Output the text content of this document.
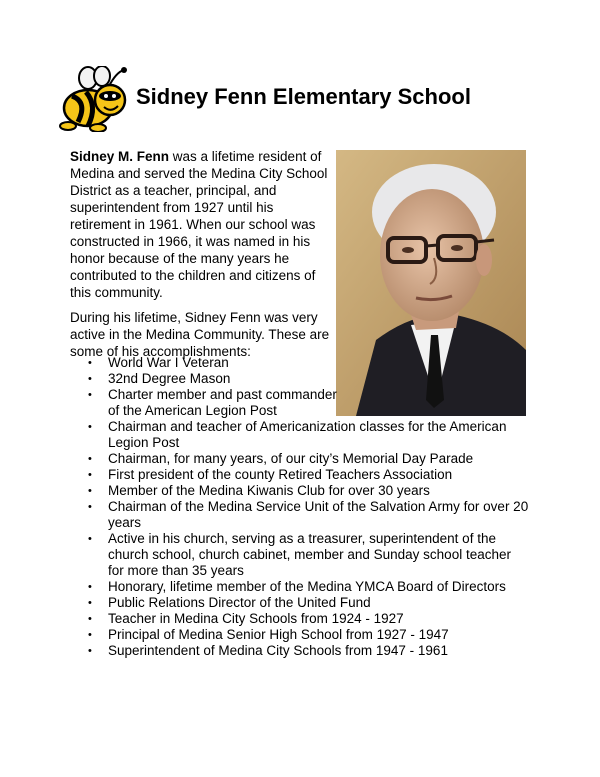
Sidney Fenn Elementary School

Sidney M. Fenn was a lifetime resident of Medina and served the Medina City School District as a teacher, principal, and superintendent from 1927 until his retirement in 1961. When our school was constructed in 1966, it was named in his honor because of the many years he contributed to the children and citizens of this community.

During his lifetime, Sidney Fenn was very active in the Medina Community. These are some of his accomplishments:

• World War I Veteran
• 32nd Degree Mason
• Charter member and past commander of the American Legion Post
• Chairman and teacher of Americanization classes for the American Legion Post
• Chairman, for many years, of our city’s Memorial Day Parade
• First president of the county Retired Teachers Association
• Member of the Medina Kiwanis Club for over 30 years
• Chairman of the Medina Service Unit of the Salvation Army for over 20 years
• Active in his church, serving as a treasurer, superintendent of the church school, church cabinet, member and Sunday school teacher for more than 35 years
• Honorary, lifetime member of the Medina YMCA Board of Directors
• Public Relations Director of the United Fund
• Teacher in Medina City Schools from 1924 - 1927
• Principal of Medina Senior High School from 1927 - 1947
• Superintendent of Medina City Schools from 1947 - 1961
